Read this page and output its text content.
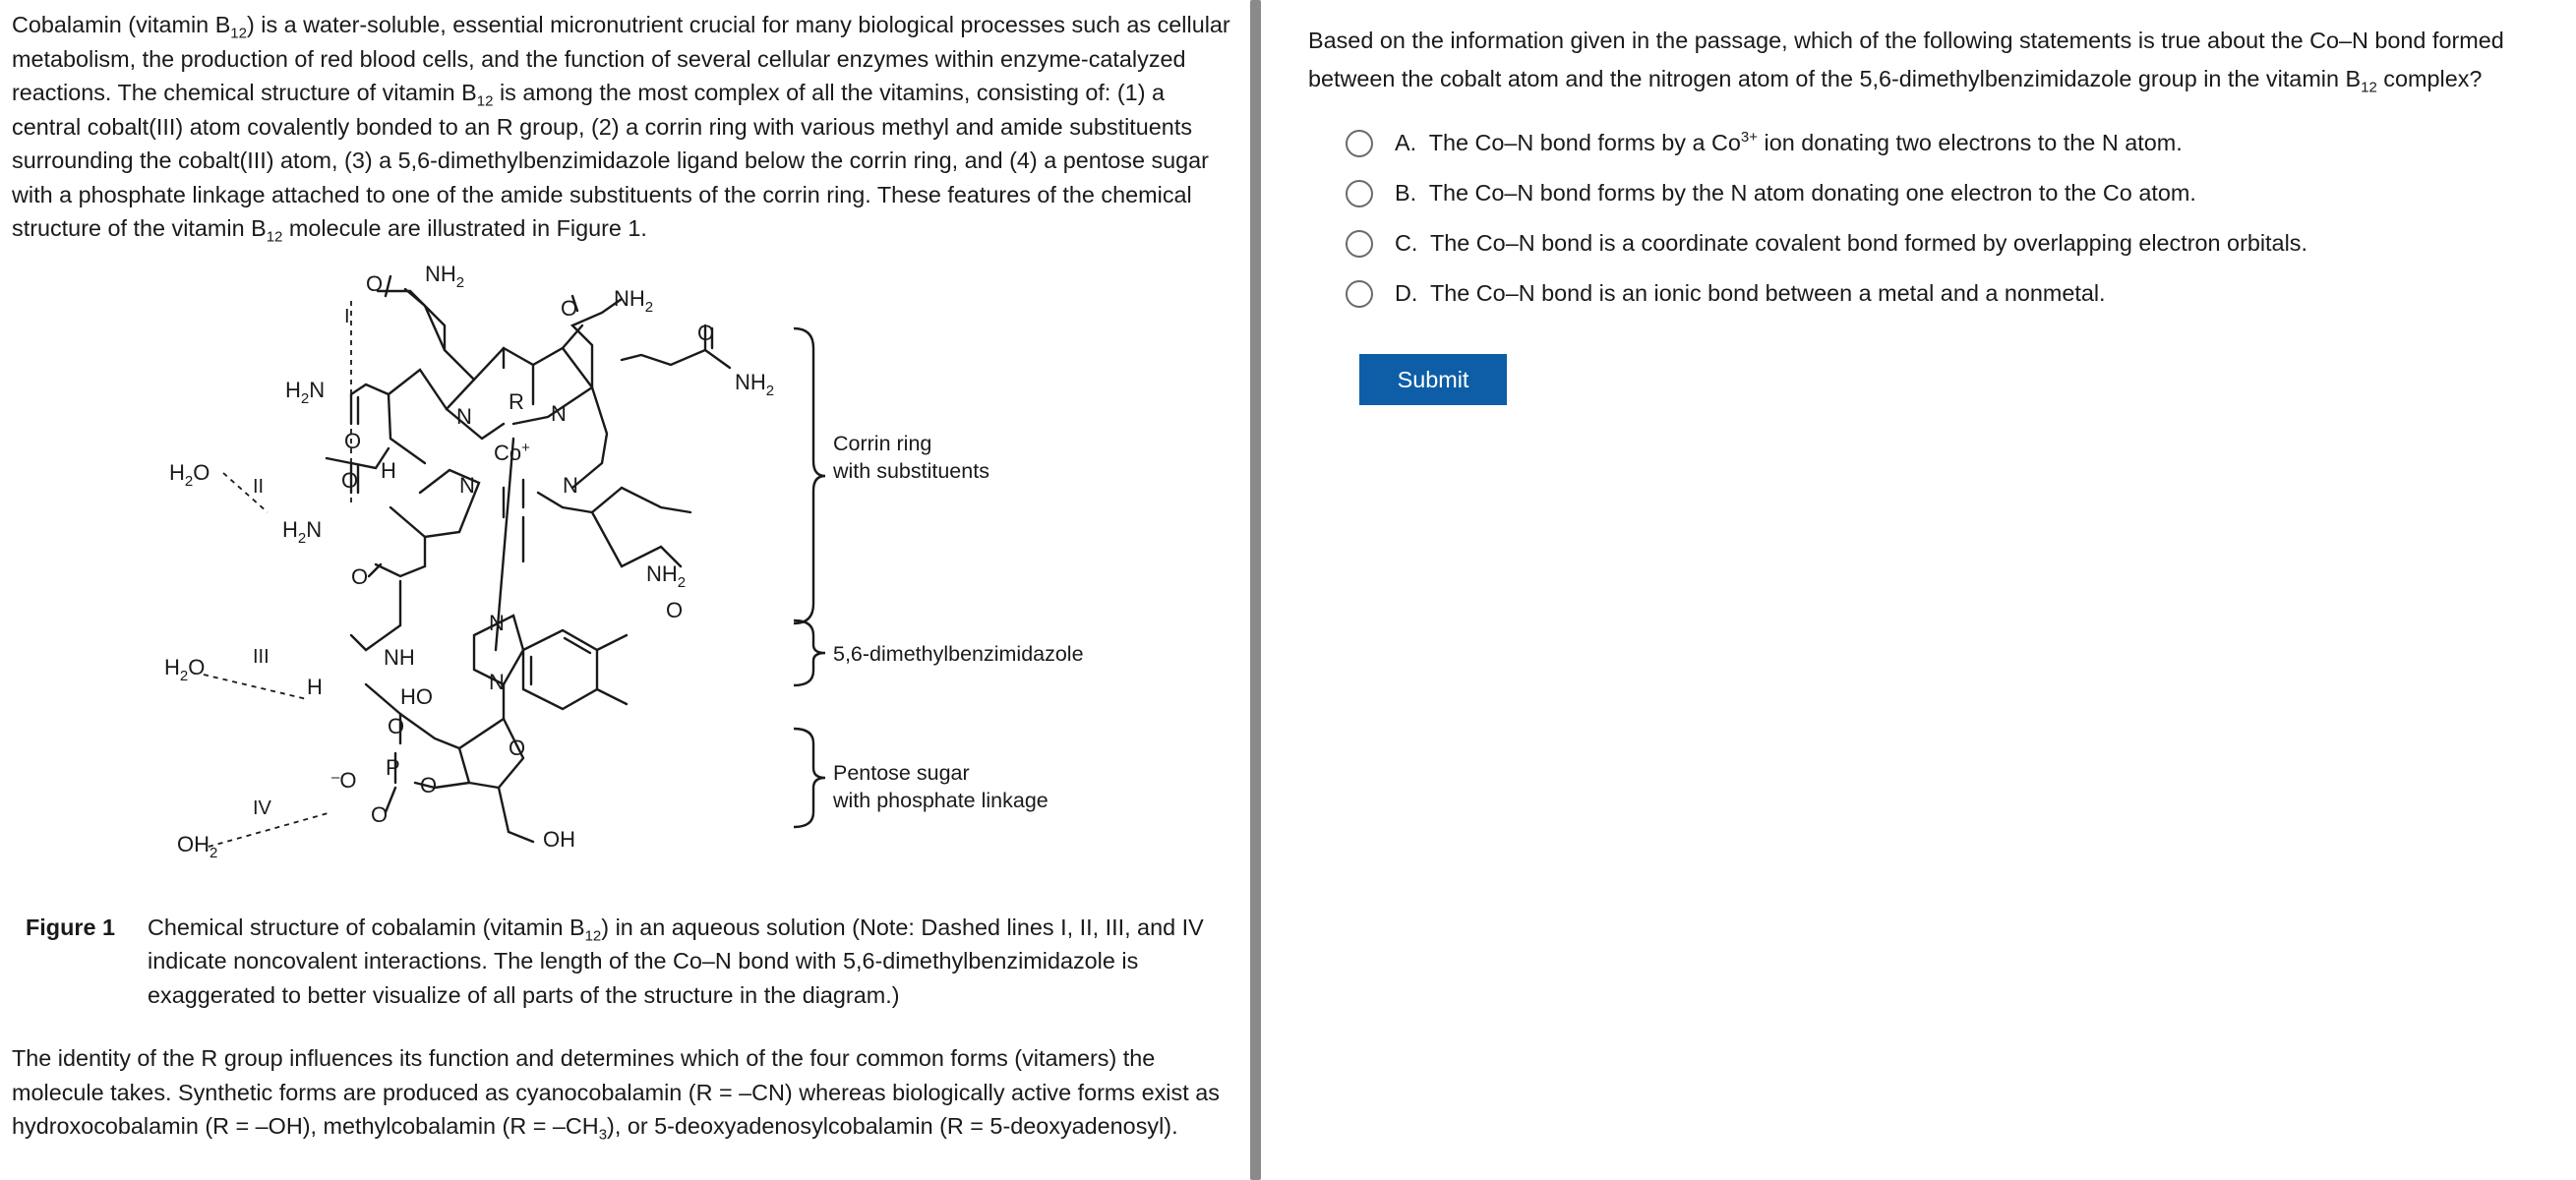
Cobalamin (vitamin $B_{12}$) is a water-soluble, essential micronutrient crucial for many biological processes such as cellular metabolism, the production of red blood cells, and the function of several cellular enzymes within enzyme-catalyzed reactions. The chemical structure of vitamin $B_{12}$ is among the most complex of all the vitamins, consisting of: (1) a central cobalt(III) atom covalently bonded to an R group, (2) a corrin ring with various methyl and amide substituents surrounding the cobalt(III) atom, (3) a 5,6-dimethylbenzimidazole ligand below the corrin ring, and (4) a pentose sugar with a phosphate linkage attached to one of the amide substituents of the corrin ring. These features of the chemical structure of the vitamin $B_{12}$ molecule are illustrated in Figure 1.

O $NH_2$
O $NH_2$
O
$NH_2$
$H_2N$
O
N
R N
Co+
N
N
H
O
$H_2N$
$H_2O$
$NH_2$
O
O
N
N
NH
$H_2O$
H	HO
O
O
P
–O	O
O
OH
$OH_2$
I
II
III
IV
Corrin ring
with substituents
5,6-dimethylbenzimidazole
Pentose sugar
with phosphate linkage
Figure 1	Chemical structure of cobalamin (vitamin $B_{12}$) in an aqueous solution (Note: Dashed lines I, II, III, and IV indicate noncovalent interactions. The length of the Co–N bond with 5,6-dimethylbenzimidazole is exaggerated to better visualize of all parts of the structure in the diagram.)

The identity of the R group influences its function and determines which of the four common forms (vitamers) the molecule takes. Synthetic forms are produced as cyanocobalamin (R = –CN) whereas biologically active forms exist as hydroxocobalamin (R = –OH), methylcobalamin $(R = -CH_3)$, or 5-deoxyadenosylcobalamin (R = 5-deoxyadenosyl).

Based on the information given in the passage, which of the following statements is true about the Co–N bond formed between the cobalt atom and the nitrogen atom of the 5,6-dimethylbenzimidazole group in the vitamin $B_{12}$ complex?

A. The Co–N bond forms by a $Co^{3+}$ ion donating two electrons to the N atom.
B. The Co–N bond forms by the N atom donating one electron to the Co atom.
C. The Co–N bond is a coordinate covalent bond formed by overlapping electron orbitals.
D. The Co–N bond is an ionic bond between a metal and a nonmetal.
Submit
